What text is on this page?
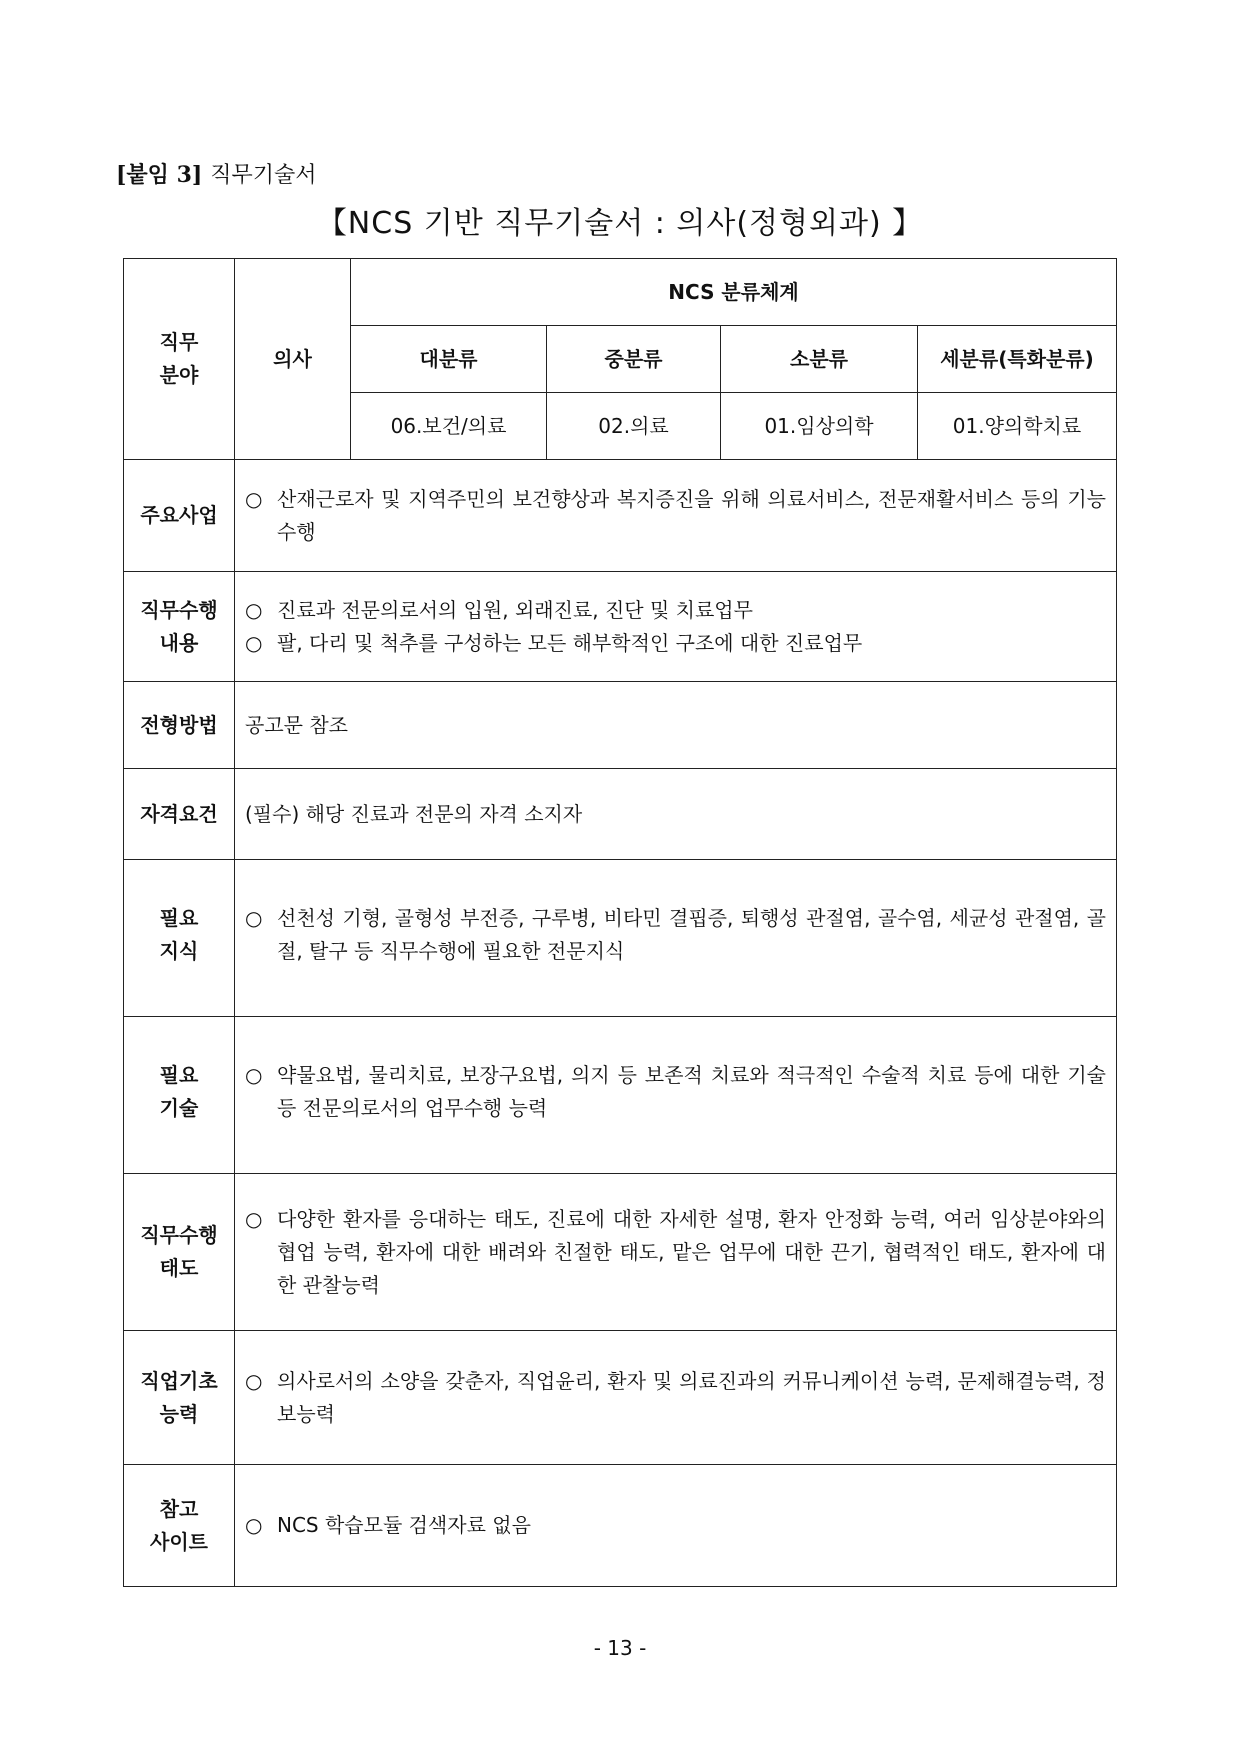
[붙임 3] 직무기술서
【NCS 기반 직무기술서 : 의사(정형외과) 】
직무
분야	의사	NCS 분류체계			
		대분류	중분류	소분류	세분류(특화분류)
		06.보건/의료	02.의료	01.임상의학	01.양의학치료
주요사업	○ 산재근로자 및 지역주민의 보건향상과 복지증진을 위해 의료서비스, 전문재활서비스 등의 기능 수행				

직무수행
내용	○ 진료과 전문의로서의 입원, 외래진료, 진단 및 치료업무
○ 팔, 다리 및 척추를 구성하는 모든 해부학적인 구조에 대한 진료업무				

전형방법	공고문 참조				
자격요건	(필수) 해당 진료과 전문의 자격 소지자				
필요
지식	○ 선천성 기형, 골형성 부전증, 구루병, 비타민 결핍증, 퇴행성 관절염, 골수염, 세균성 관절염, 골절, 탈구 등 직무수행에 필요한 전문지식				

필요
기술	○ 약물요법, 물리치료, 보장구요법, 의지 등 보존적 치료와 적극적인 수술적 치료 등에 대한 기술 등 전문의로서의 업무수행 능력				

직무수행
태도	○ 다양한 환자를 응대하는 태도, 진료에 대한 자세한 설명, 환자 안정화 능력, 여러 임상분야와의 협업 능력, 환자에 대한 배려와 친절한 태도, 맡은 업무에 대한 끈기, 협력적인 태도, 환자에 대한 관찰능력				

직업기초
능력	○ 의사로서의 소양을 갖춘자, 직업윤리, 환자 및 의료진과의 커뮤니케이션 능력, 문제해결능력, 정보능력				

참고
사이트	○ NCS 학습모듈 검색자료 없음				
- 13 -
